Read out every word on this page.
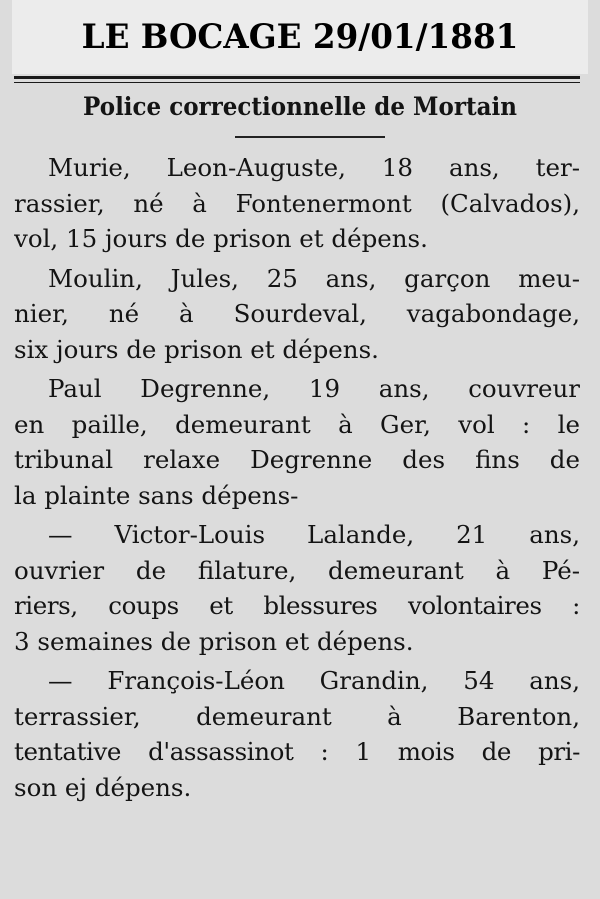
LE BOCAGE 29/01/1881
Police correctionnelle de Mortain
Murie, Leon-Auguste, 18 ans, ter-
rassier, né à Fontenermont (Calvados),
vol, 15 jours de prison et dépens.
Moulin, Jules, 25 ans, garçon meu-
nier, né à Sourdeval, vagabondage,
six jours de prison et dépens.
Paul Degrenne, 19 ans, couvreur
en paille, demeurant à Ger, vol : le
tribunal relaxe Degrenne des fins de
la plainte sans dépens-
— Victor-Louis Lalande, 21 ans,
ouvrier de filature, demeurant à Pé-
riers, coups et blessures volontaires :
3 semaines de prison et dépens.
— François-Léon Grandin, 54 ans,
terrassier, demeurant à Barenton,
tentative d'assassinot : 1 mois de pri-
son ej dépens.
